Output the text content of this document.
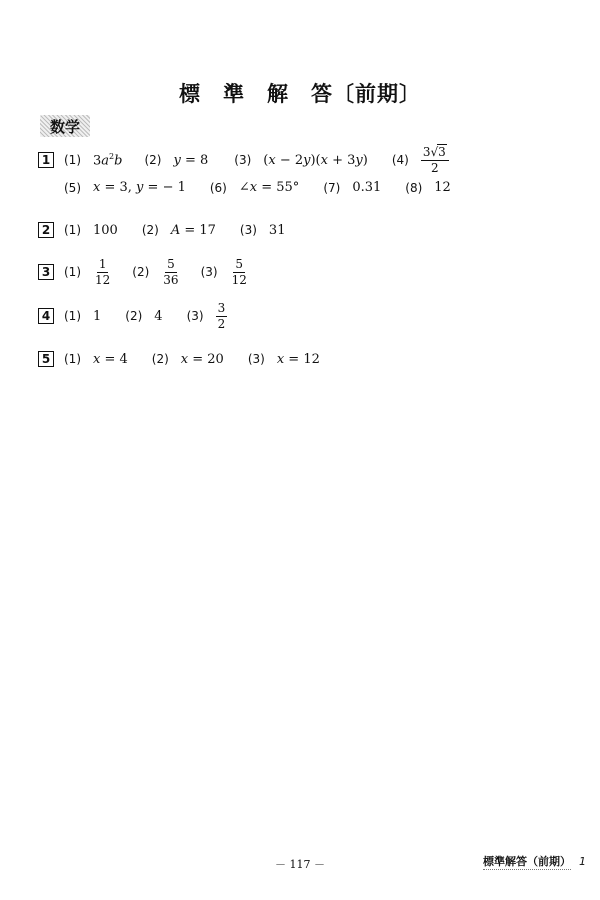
標　準　解　答〔前期〕
数学
1	(1) $3a^2b$ (2) y = 8 (3) (x − 2y)(x + 3y) $(4) \frac{3√3}{2}$
(5) x = 3, y = − 1 (6) ∠x = 55° (7) 0.31 (8) 12
2	(1) 100 (2) A = 17 (3) 31
3	$(1) \frac{1}{12} (2) \frac{5}{36} (3) \frac{5}{12}$
4	(1) 1 (2) 4 $(3) \frac{3}{2}$
5	(1) x = 4 (2) x = 20 (3) x = 12
－ 117 －	標準解答（前期） 1
